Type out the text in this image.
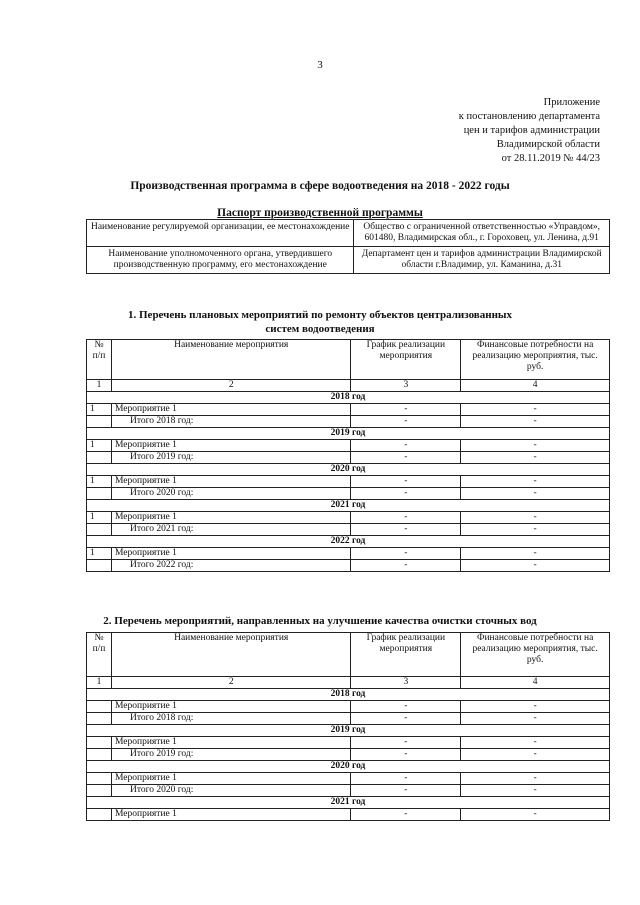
3
Приложение
к постановлению департамента
цен и тарифов администрации
Владимирской области
от 28.11.2019 № 44/23
Производственная программа в сфере водоотведения на 2018 - 2022 годы
Паспорт производственной программы
Наименование регулируемой организации, ее местонахождение	Общество с ограниченной ответственностью «Управдом», 601480, Владимирская обл., г. Гороховец, ул. Ленина, д.91
Наименование уполномоченного органа, утвердившего производственную программу, его местонахождение	Департамент цен и тарифов администрации Владимирской области г.Владимир, ул. Каманина, д.31
1. Перечень плановых мероприятий по ремонту объектов централизованных
систем водоотведения
№ п/п	Наименование мероприятия	График реализации мероприятия	Финансовые потребности на реализацию мероприятия, тыс. руб.
1	2	3	4
2018 год			
1	Мероприятие 1	-	-
	Итого 2018 год:	-	-
2019 год			
1	Мероприятие 1	-	-
	Итого 2019 год:	-	-
2020 год			
1	Мероприятие 1	-	-
	Итого 2020 год:	-	-
2021 год			
1	Мероприятие 1	-	-
	Итого 2021 год:	-	-
2022 год			
1	Мероприятие 1	-	-
	Итого 2022 год:	-	-
2. Перечень мероприятий, направленных на улучшение качества очистки сточных вод
№ п/п	Наименование мероприятия	График реализации мероприятия	Финансовые потребности на реализацию мероприятия, тыс. руб.
1	2	3	4
2018 год			
	Мероприятие 1	-	-
	Итого 2018 год:	-	-
2019 год			
	Мероприятие 1	-	-
	Итого 2019 год:	-	-
2020 год			
	Мероприятие 1	-	-
	Итого 2020 год:	-	-
2021 год			
	Мероприятие 1	-	-
